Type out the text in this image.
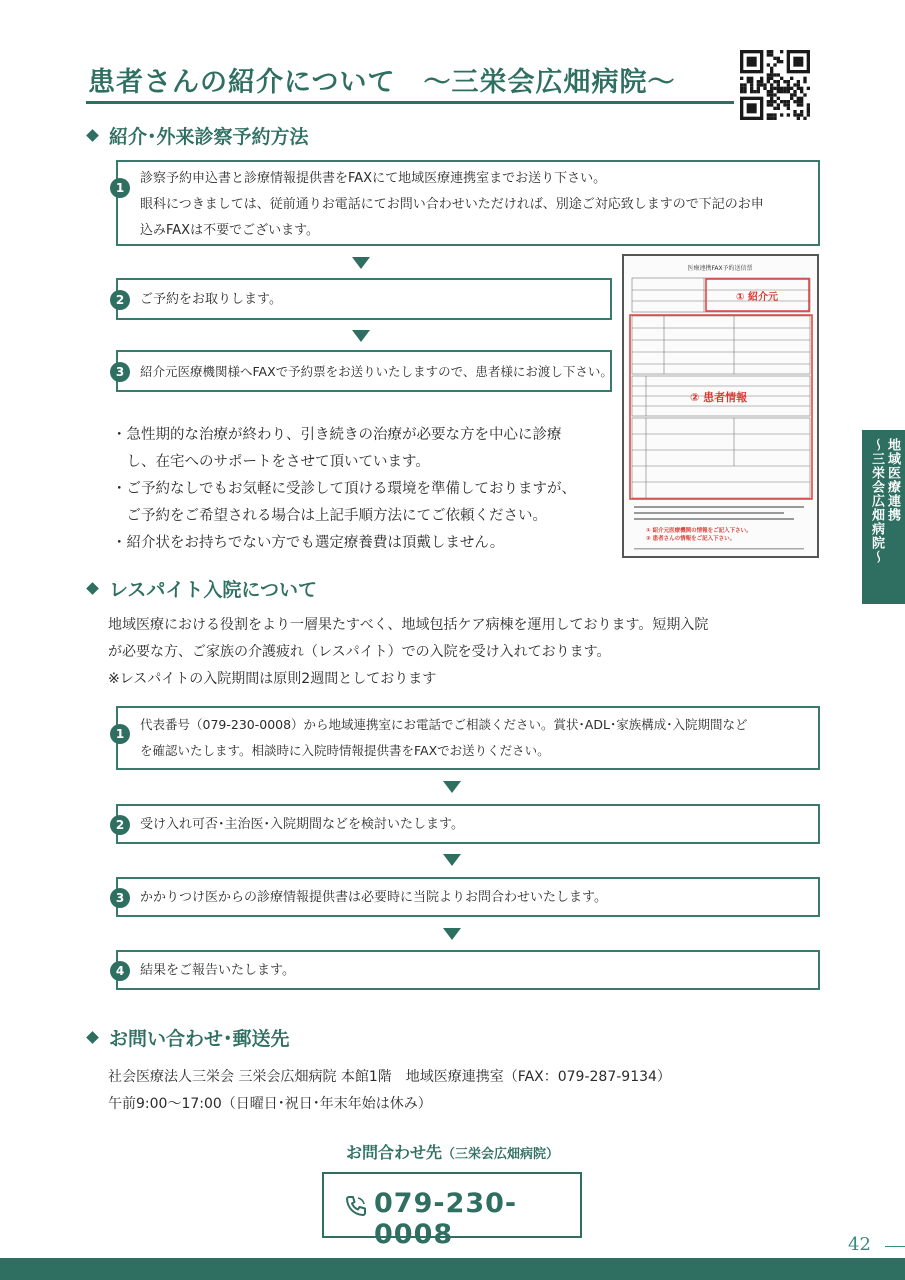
患者さんの紹介について　～三栄会広畑病院～
紹介･外来診察予約方法
1
診察予約申込書と診療情報提供書をFAXにて地域医療連携室までお送り下さい。
眼科につきましては、従前通りお電話にてお問い合わせいただければ、別途ご対応致しますので下記のお申
込みFAXは不要でございます。
2	ご予約をお取りします。
3	紹介元医療機関様へFAXで予約票をお送りいたしますので、患者様にお渡し下さい。
・急性期的な治療が終わり、引き続きの治療が必要な方を中心に診療
　し、在宅へのサポートをさせて頂いています。
・ご予約なしでもお気軽に受診して頂ける環境を準備しておりますが、
　ご予約をご希望される場合は上記手順方法にてご依頼ください。
・紹介状をお持ちでない方でも選定療養費は頂戴しません。
医療連携FAX予約送信票
① 紹介元
② 患者情報
① 紹介元医療機関の情報をご記入下さい。
② 患者さんの情報をご記入下さい。
レスパイト入院について
地域医療における役割をより一層果たすべく、地域包括ケア病棟を運用しております。短期入院
が必要な方、ご家族の介護疲れ（レスパイト）での入院を受け入れております。
※レスパイトの入院期間は原則2週間としております
1
代表番号（079-230-0008）から地域連携室にお電話でご相談ください。賞状･ADL･家族構成･入院期間など
を確認いたします。相談時に入院時情報提供書をFAXでお送りください。
2	受け入れ可否･主治医･入院期間などを検討いたします。
3	かかりつけ医からの診療情報提供書は必要時に当院よりお問合わせいたします。
4	結果をご報告いたします。
お問い合わせ･郵送先
社会医療法人三栄会 三栄会広畑病院 本館1階　地域医療連携室（FAX：079-287-9134）
午前9:00～17:00（日曜日･祝日･年末年始は休み）
お問合わせ先（三栄会広畑病院）
079-230-0008
地域医療連携
～三栄会広畑病院～
42
